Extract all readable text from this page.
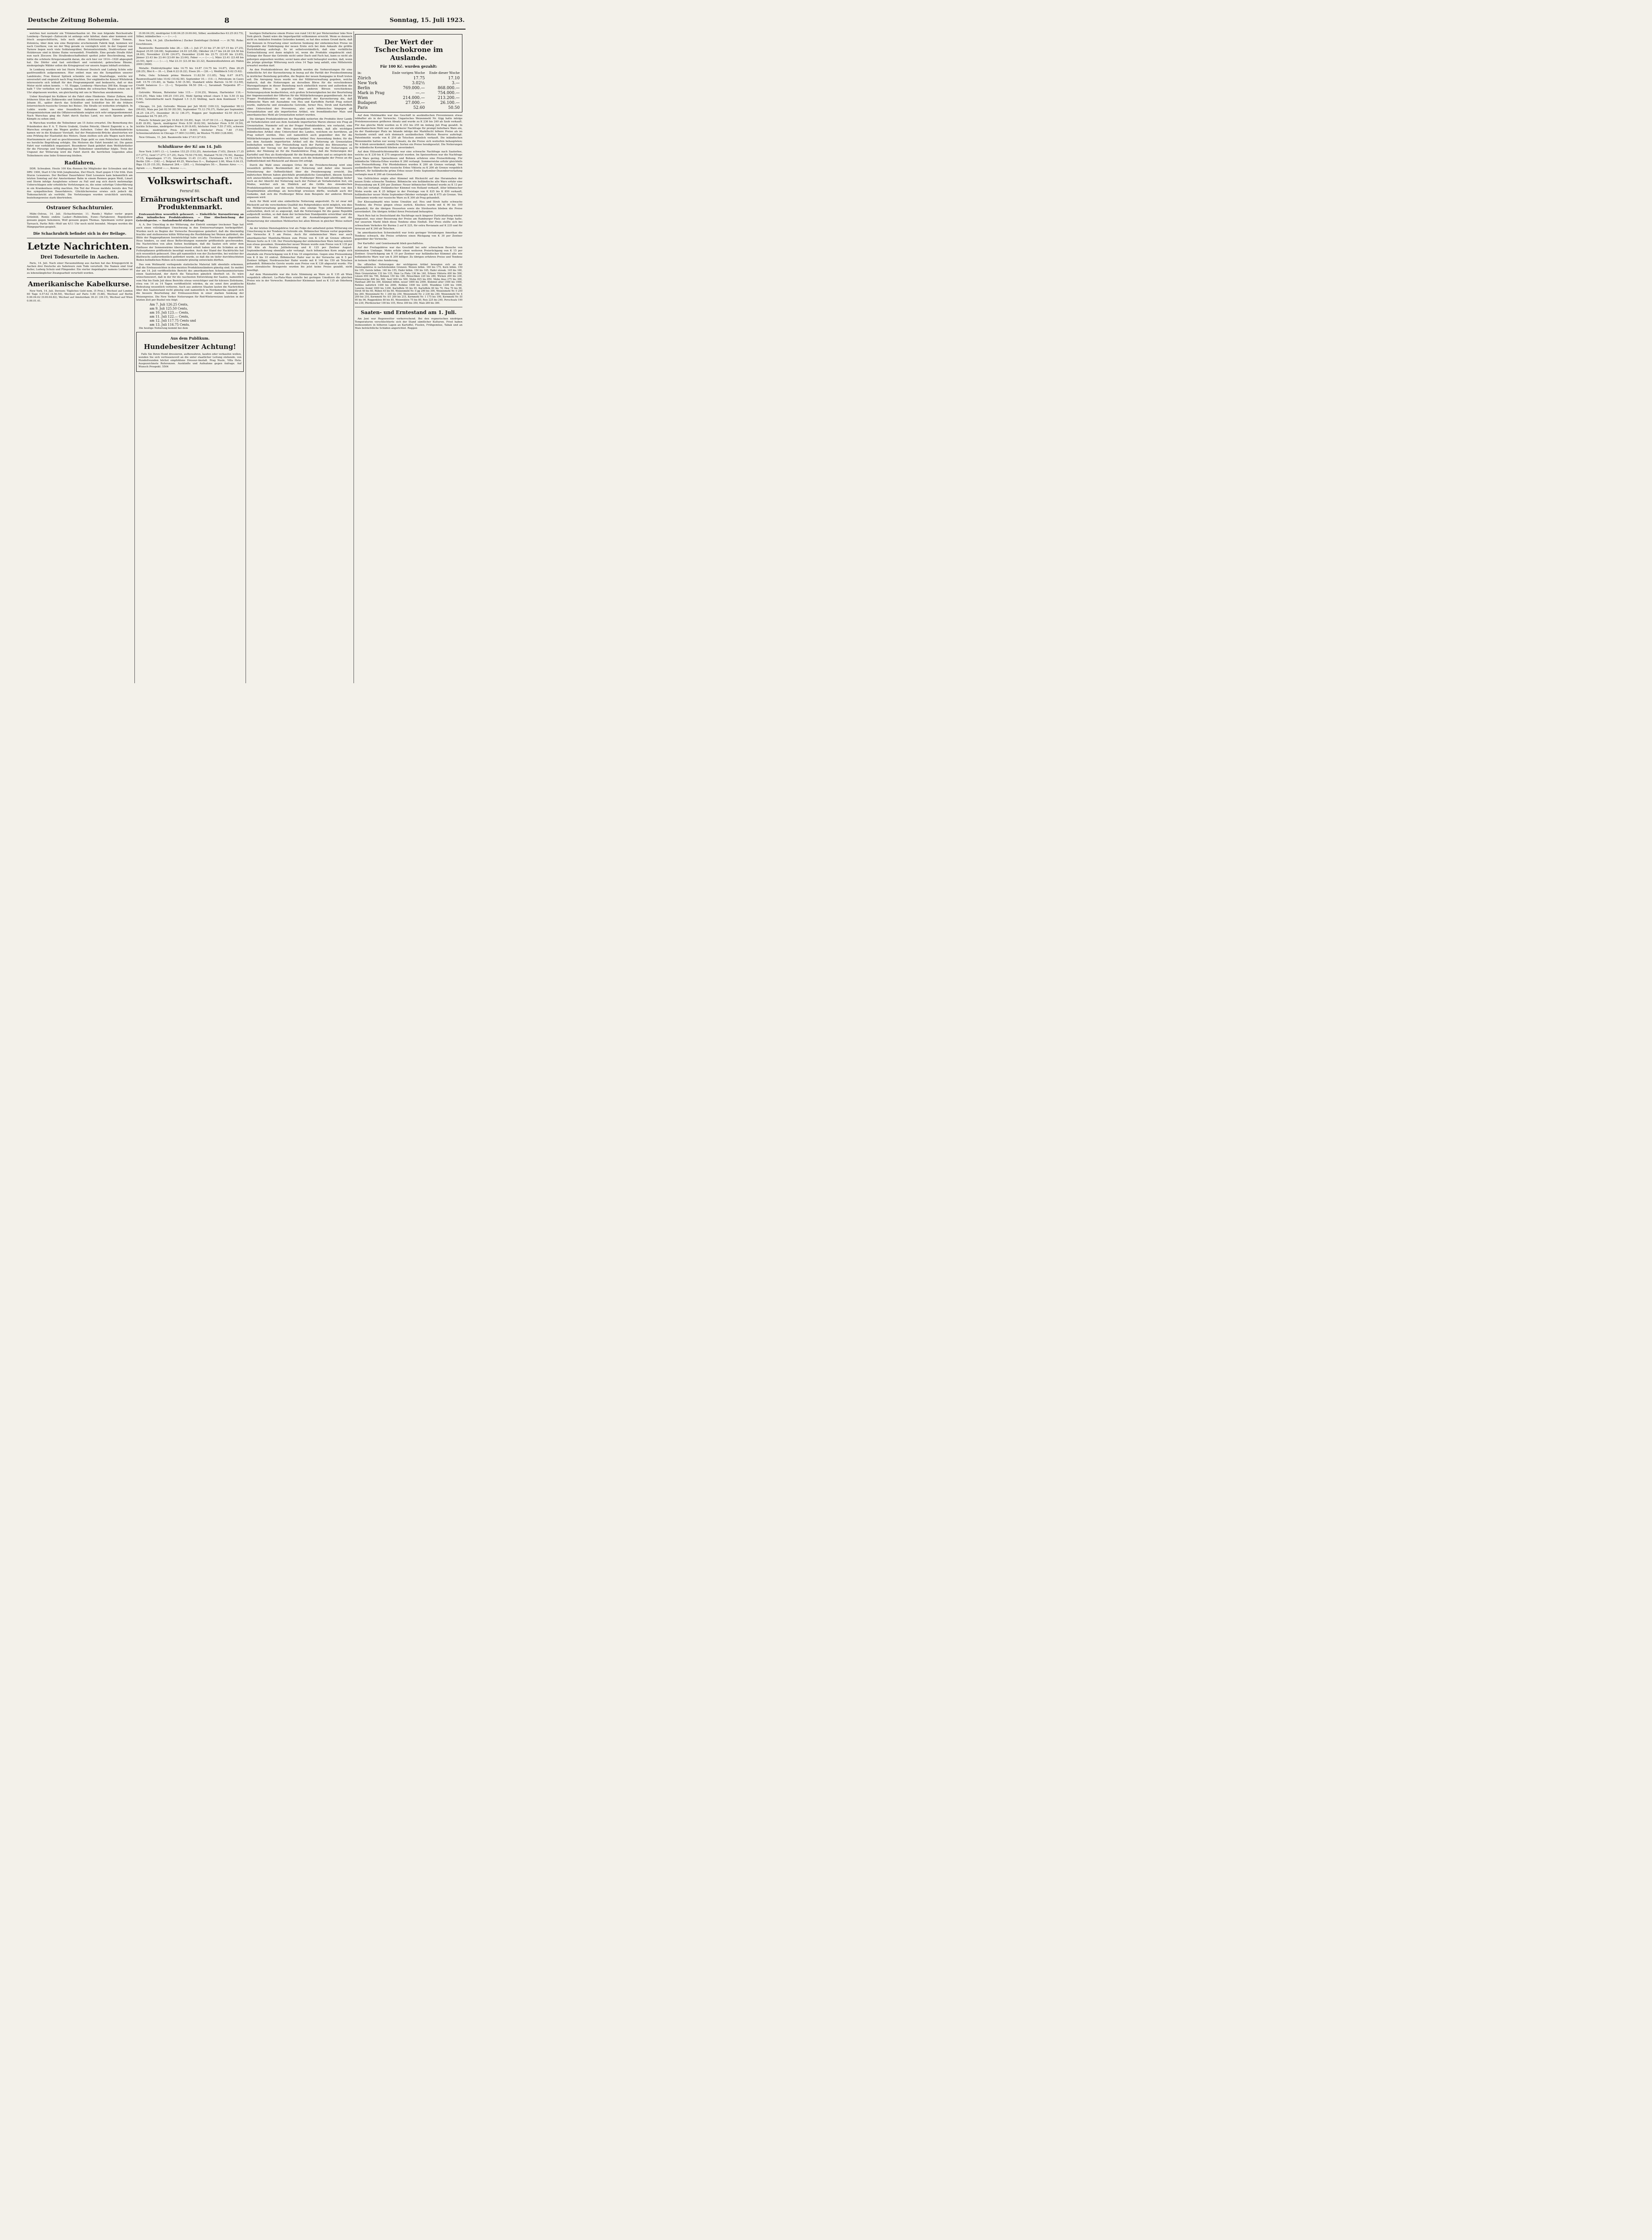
Deutsche Zeitung Bohemia.	8	Sonntag, 15. Juli 1923.

welches fast nurmehr ein Trümmerhaufen ist. Die nun folgende Reichsstraße Lemberg—Tarnopol—Zaliszczik ist anfangs sehr fahrbar, dann aber kommen erst frisch ausgeschütterte, teils noch offene Schützengräben. Ueber Tomnie, Zolonicia, über dem wie eine Burgruine erscheinende Fabrik liegt, kommen wir nach Czortkow, von wo der Weg gerade zu vorzüglich wird. In der Gegend von Tarnow liegen noch viele Soldatengräber, Betonunterstände, Drahtverhaue und Holzkreuze sind in kleine Haine verwandelt. Friedhöfe. Eine gerade Straße führt nun nach Zloczow. Die Straßenbeschaffenheit spottet jeder Beschreibung, man hätte die schönste Kriegsromantik daran, die sich hier vor 1914—1920 abgespielt hat. Die Dörfer sind fast entvölkert und vermüstet; gebrochene Bäume, niedergelegte Wälder sollen die Kriegsgreuel vor unsern Augen lebhaft erstehen.

In Lemberg wurden wir bei Herrn Professor Deutsch und Ludwig Schön sehr gastfreundlich aufgenommen. Hier entbot man uns die Sympathien unserer Landsleute; Frau Konsul Spitzek schenkte uns eine Staatsflagge, welche wir unversehrt und siegreich nach Prag brachten. Der engländische Konsul Whitebrok interessierte sich lebhaft für den Programmpunkt und bedauerte, daß er den Motor nicht sehen konnte. — VI. Etappe, Lemberg—Warschau 398 Km. Knapp vor halb 7 Uhr verließen wir Lemberg, nachdem die schwachen Wagen schon um 6 Uhr abgelassen wurden, um gleichzeitig mit uns in Warschau anzukommen.

Ueber Kosztopol bis Kulikow ist die Fahrt ohne Hindernis. Hinter Zolkow, dem früheren Sitze der Zolkiewskis und Sobieskis sahen wir die Ruinen des Denkmals Johann III., später durch das Schloßtor und Schloßtor bis 80 die frühere österreichisch-russische Grenze bei Belzec. Die Straße ist weiterhin erträglich. In Lublin wurde uns eine freundliche Aufnahme zuteil; besonders das Kriegsministerium und die Offiziersverbände zeigten sich sehr entgegenkommend. Nach Warschau ging die Fahrt durch flaches Land, wo noch Spuren großer Kämpfe zu sehen sind.

In Warschau wurden die Teilnehmer am 15 Autos erwartet. Die Bemerkung des Präsidenten des P. A. T. Herrn Grabski, Grafen Potocki, Oberst Zagorski u. a. In Warschau erregten die Wagen großes Aufsehen. Ueber die Kierbedziabrücke kamen wir in die Krakauer Vorstadt. Auf der Poniatowski-Brücke absolvierten wir eine Prüfung der Elastizität des Motors. Dann stellten sich alle Wagen nach ihren Startnummern auf und es geschlossenen Zuge geht es zum Polnischen Autoklub, wo herzliche Begrüßung erfolgte. Die Motoren die Fahrt beendet ist. Die ganze Fahrt war vorbildlich organisiert. Besonderer Dank gebührt dem Wettfahrtleiter für die Fürsorge und Verpflegung der Teilnehmer unmittelbar folgte. Trotz der Ungunst der Witterung wird die Fahrt durch die herrlichen Gegenden allen Teilnehmern eine liebe Erinnerung bleiben.

Radfahren.

DDR. Schwaben. Heute 100 Km.-Rennen für Mitglieder der Schwaben und des DRV. 1900, Start 6 Uhr früh Jungbunzlau, Ziel Ebsch. Start gegen 6 Uhr früh. Zum Sturze Lewanows. Der Berliner Dauerfahrer Emil Lewanow kam bekanntlich am letzten Sonntag auf der Amsterdamer Bahn in einem Rennen gegen Weiß, Linart und Storm infolge Ausgleitens schwer zu Fall und zog sich durch mehrmalige Ueberschlagen sehr erhebliche Verletzungen zu, die seine sofortige Ueberführung in ein Krankenhaus nötig machten. Ein Teil der Presse meldete bereits den Tod des sympathischen Dauerfahrers. Glücklicherweise erwies sich jedoch die Todesnachricht als verfrüht. Die Verletzungen wurden ursächlich unrichtig, beziehungsweise stark übertrieben.

Ostrauer Schachturnier.

Mähr.-Ostrau, 14. Juli. (Schachturnier, 11. Runde.) Walter verlor gegen Grünfeld, Remis endete Lasker—Rubinstein, Euwe—Tartakower, Bogoljubow gewann gegen Selezniew, Wolf gewann gegen Thomas. Spielmann verlor gegen Tarrasch, Partie Réti—Wolf um 4/11 Uhr noch nicht beendet. Morgen werden die Hängepartien gespielt.

Die Schachrubrik befindet sich in der Beilage.
Letzte Nachrichten.
Drei Todesurteile in Aachen.

Paris, 14. Juli. Nach einer Havasmeldung aus Aachen hat das Kriegsgericht in Aachen drei Deutsche als Saboteure zum Tode verurteilt. Die Namen sind Graf Keller, Ludwig Schulz und Plingender. Ein vierter Angeklagter namens Lorbeer ist zu lebenslänglicher Zwangsarbeit verurteilt worden.

Amerikanische Kabelkurse.

New York, 14. Juli. Devisen: Tägliches Geld nom. (5 Proz.), Wechsel auf London 60 Tage 4.57.62 (4.56.50), Wechsel auf Paris 5.80 (5.88), Wechsel auf Berlin 0.00.04.62 (0.00.04.82), Wechsel auf Amsterdam 39.21 (39.15), Wechsel auf Wien 0.00.01.41.

(0.00.04.25), niedrigster 0.00.04.25 (0.00.04), Silber, ausländisches 63.25 (63.75), Silber, inländisches —.— (—.—).

New York, 14. Juli. (Zuckerbörse.) Zucker Zentrifugal (Schluß —.— (6.78). Rohe: Geschlossen.

Baumwolle: Baumwolle loko 28.— (28.—). Juli 27.33 bis 27.36 (27.15 bis 27.25), August 25.95 (26.08), September 24.93 (25.08), Oktober 24.17 bis 24.20 (24.50 bis 24.60), November 23.96 (24.07), Dezember 23.66 bis 23.71 (23.65 bis 23.85), Jänner 23.43 bis 23.44 (23.60 bis 23.64), Feber —.— (—.—), März 23.41 (23.48 bis 23.50), April —.— (—.—), Mai 23.31 (23.30 bis 23.32), Baumwollzufuhren atl. Häfen 2000 (3000).

Metalle: Elektrolytkupfer loko 14.75 bis 14.87 (14.75 bis 14.87), Zinn 28.25 (28.25), Blei 6.— (6.—), Zink 6.22 (6.22), Eisen 26.— (26.—), Weißblech 5.62 (5.62).

Fette, Oele: Schmalz prima Western 11.82.50 (11.85), Talg 6.67 (6.87), Baumwollsaatöl loko 10.62 (10.62.50). September 10.— (10.—), Petroleum: in Cases reff. 15.70 (15.40), in Tanks 5.50 (5.50), Standard white Barrels 12.50 (12.50), Credit balances 3.— (3.—), Terpentin 94.50 (94.—), Savannah Terpentin 87.— (66.50).

Getreide: Weizen, Rotwinter loko 115.— (116.25), Weizen, Hartwinter 116.— (116.25), Mais loko 100.25 (101.25), Mehl Spring wheat clears 5 bis 5.50 (5 bis 5.50), Getreidefracht nach England 1.5 (1.5) Shilling, nach dem Kontinent 7 (7) Cents.

Chicago, 14. Juli. Getreide: Weizen per Juli 98.62 (100.12), September 98.12 (99.62), Mais per Juli 82.50 (83.50), September 75.12 (76.37), Hafer per September 34.25 (34.37), Dezember 36.12 (36.37), Roggen per September 62.50 (63.37), Dezember 64.75 (65.37).

Fleisch: Schmalz per Juli 10.82.50 (10.85), Sept. 10.47.50 (11.—), Rippen per Juli 8.85 (8.95), Speck, niedrigster Preis 8.50 (8.62.50), höchster Preis 9.50 (9.50), leichte Schweine, niedrigster Preis 6.30 (6.65), höchster Preis 7.55 (7.65), schwere Schweine, niedrigster Preis 6.40 (6.60), höchster Preis 7.40 (7.55), Schweinezufuhren in Chicago 17.000 (12.000), im Westen 70.000 (128.000).

New Orleans, 11. Juli. Baumwolle loko 27.63 (27.63).

Schlußkurse der Kč am 14. Juli:

New York 3.00½ (3.—), London 153.25 (153.25), Amsterdam (7.65), Zürich 17.35 (17.27½), Genf 17.27½ (17.25), Paris 70.50 (70.50), Mailand 70.50 (70.50), Banque 17.15, Kopenhagen 17.15, Stockholm 11.45 (11.45), Christiania 18.75 (18.75), Berlin 336.— (342.—), Belgrad 49.25, Warschau 0.—, Budapest 2.60, Wien 0.04.15, Riga 15.35 (15.35), Bukarest 264.— (261.—), Helsingfors 50.—, Buenos Aires —.—, Agram —.—, Madrid —.—, Kowno —.—.

Volkswirtschaft.
Fernruf 80.
Ernährungswirtschaft und Produktenmarkt.

Ernteaussichten wesentlich gebessert. — Einheitliche Kursnotierung an allen inländischen Produktenbörsen. — Eine Abschwächung der Getreidepreise. — Auslandsmehl stärker gefragt.

A. A. Der Umschlag in der Witterung, der Eintritt sonniger trockener Tage hat auch einen vollständigen Umschwung in den Ernteerwartungen herbeigeführt. Wurden noch zu Beginn der Vorwoche Besorgnisse geäußert, daß die übermäßig feuchte und stellenweise kühle Witterung die Rostbildung bei Weizen gefördert, die Blüte der Roggenpflanzen beeinträchtigt habe und das Trocknen des abgemähten Heus hindere, so sind diese Befürchtungen nunmehr größtenteils geschwunden. Die Nachrichten von allen Seiten bestätigen, daß die Saaten sich unter dem Einflusse der Sonnenwärme überraschend erholt haben und die Schäden an den Futterpflanzen größtenteils beseitigt wurden. Auch der Stand der Hackfrüchte hat sich wesentlich gebessert. Dies gilt namentlich von der Zuckerrübe, bei welcher der Blattwuchs außerordentlich gefördert wurde, so daß die im tiefer durchfeuchteten Boden befindlichen Rüben sich nunmehr günstig entwickeln dürften.

Das vom Weltmarkt vorliegende statistische Material läßt ebenfalls erkennen, daß die Ernteaussichten in den meisten Produktionsländern günstig sind. So meldet der am 14. Juli veröffentlichte Bericht des amerikanischen Ackerbauministeriums einen Saatenstand, der durch die Tatsachen gänzlich überholt ist. Es wäre wünschenswert, daß in der für die raschesten Entwicklung der Saaten, namentlich vom Mai bis Ende Juli diese Berichte etwas vorsichtiger und für kürzere Zeiträume, etwa von 14 zu 14 Tagen veröffentlicht würden, da sie sonst ihre praktische Bedeutung wesentlich verlieren. Auch aus anderen Staaten lauten die Nachrichten über den Saatenstand recht günstig und namentlich in Nordamerika spiegelt sich die bessere Beurteilung der Ernteaussichten in einer starken Senkung der Weizenpreise. Die New Yorker Notierungen für Red-Winterweizen lauteten in der letzten Zeit per Bushel wie folgt:

Am 7. Juli 126.25 Cents,
am 9. Juli 125.50 Cents,
am 10. Juli 123.— Cents,
am 11. Juli 122.— Cents,
am 12. Juli 117.75 Cents und
am 13. Juli 116.75 Cents.

Die heutige Notierung kommt bei dem

Aus dem Publikum.
Hundebesitzer Achtung!

Falls Sie Ihren Hund dressieren, aufbewahren, kaufen oder verkaufen wollen, wenden Sie sich vertrauensvoll an die unter staatlicher Leitung stehende, von Hundefreunden höchst empfohlene Dressur-Anstalt. Prag Nusle, Villa Hela. Ausgezeichnete Referenzen. Auskünfte und Aufnahme gegen Anfrage. Auf Wunsch Prospekt. 5504

heutigen Dollarkurse einem Preise von rund 143 Kč per Meterzentner loko New York gleich. Damit wäre die Importparität vollkommen erreicht. Wenn es dennoch nicht zu Ankäufen fremden Getreides kommt, so hat dies seinen Grund darin, daß der Konsum in Erwartung einer weiteren Senkung der einheimischen Preise im Zeitpunkte der Einbringung der neuen Ernte sich bei dem Ankaufe die größte Zurückhaltung auferlegt. Es ist selbstverständlich, daß eine verläßliche Ernteschätzung erst dann möglich ist, wenn die Produkte eingebracht sind. Solange der Bauer das Getreide nicht unter Dach und Fach hat, kann es nicht als geborgen angesehen werden; soviel kann aber wohl behauptet werden, daß, wenn die jetzige günstige Witterung noch etwa 14 Tage lang anhält, eine Mittelernte erwartet werden darf.

An den Produktenbörsen der Republik werden die Vorbereitungen für eine einheitliche Art der Kursnotierung in bezug auf die Parität der Preisbestimmung in ärztlicher Beziehung getroffen, die Beginn der neuen Kampagne in Kraft treten soll. Die Anregung hiezu wurde von der Militärverwaltung gegeben, welche dadurch, daß die Notierungen an derselben Börse für die verschiedenen Warengattungen in dieser Beziehung noch einheitlich waren und außerdem die einzelnen Börsen in gegenüber den anderen Börsen verschiedenes Notierungssystem beobachteten, sich großen Schwierigkeiten bei der Beurteilung der Angemessenheit der Offerten für die Militärlieferungen gegenübersah. An der Prager Produktenbörse war die Gepflogenheit der Kursnotierung die, daß böhmische Ware mit Ausnahme von Heu und Kartoffeln Parität Prag notiert wurde, mährische und slowakische Getreide, ferner Heu, Stroh und Kartoffeln ohne Unterschied der Provenienz, also auch böhmisches hingegen ab Versandstation und alle importierten Artikel, wie fremdländischer Mais und amerikanisches Mehl ab Grenzstation notiert wurden.

Die übrigen Produktenbörsen der Republik notierten die Produkte ihrer Lande ab Verladestation und aus dem Auslande importierten Waren ebenso wie Prag ab Grenzstation. Nunmehr soll an der Prager Produktenbörse, wie verlautet, eine Vereinheitlichung in der Weise durchgeführt werden, daß alle wichtigen inländischen Artikel ohne Unterschied des Landes, welchem sie herrühren, ab Prag notiert werden. Dies soll namentlich auch gegenüber den für die Militärlieferungen besonders wichtigen Artikel Heu Anwendung finden; für die aus dem Auslande importierten Artikel soll die Notierung ab Grenzstation beibehalten werden. Der Preisstellung nach der Parität des Börsenortes ist jedenfalls der Vorzug vor der bisherigen Zersplitterung der Notierungen zu geben; der Meinung ist für die Handelsbörse Prag, daß die Notierungen der Kartoffel und Heu als Kontrollpunkt für die Bodenprodukte und es entspricht den natürlichen Verkehrsverhältnissen, wenn auch die bekanntgabe der Preise an die Oeffentlichkeit mit Rücksicht auf diesen Ort erfolgt.

Durch die Wahl eines einzigen Ortes für die Preisberechnung wird eine wesentlich größere Bestimmtheit der Notierung und daher eine bessere Orientierung der Oeffentlichkeit über die Preisbewegung erreicht. Die mährischen Börsen haben gleichfalls grundsätzliche Geneigtheit, diesem System sich anzuschließen, ausgesprochen; die Preßburger Börse hält allerdings bisher noch an der Absicht der Notierung nach der Formel ab Verladestation fest, ein Modus, welcher sich im Hinblick auf die Größe des slowakischen Produktionsgebietes und die weite Entfernung der Verladestationen von den Hauptmärkten allerdings als berechtigt erweisen dürfte, weshalb auch der Gedanke, daß sich die Preßburger Börse dem Beispiele der anderen Börsen anpassen wird.

Auch für Mehl wird eine einheitliche Notierung angestrebt. Es ist zwar mit Rücksicht auf die verschiedene Qualität des Rohproduktes nicht möglich, wie dies die Militärverwaltung gewünscht hat, eine einzige Type jeder Mehlnummer aufzustellen, doch ist es angezeigt, daß die Notierungen für die ganze Republik aufgestellt werden, so daß dann der technischen Standpunkte erreichbar und die gesamten Börsen mit Rücksicht auf die Ausmahlungsprozente und die Numerierung der einzelnen Mehlsorten bei allen Börsen in gleicher Weise notiert wird.

An der letzten Dienstagsbörse trat als Folge der anhaltend guten Witterung ein Umschwung in der Tendenz in Getreide ein. Böhmischer Weizen verlor gegenüber der Vorwoche K 5 am Preise. Auch für einheimischer Ware war auch amerikanischer Manitoba-Weizen zum Preise von K 138 ab Grenze offeriert. Weizen Sorte zu K 136. Der Preisrückgang der einheimischen Ware betrug zuletzt nun etwas gesunken. Slowakischer neuer Weizen wurde zum Preise von K 135 per 100 Kilo ab Neutra Juliliefereung und K 125 per Zentner August-Septemberlieferung ebenfalls sehr verlangt. Auch böhmischen Korn zeigte sich ebenfalls ein Preisrückgang von K 8 bis 10 eingetreten. Gegen eine Preissenkung von K 8 bis 10 eintrat. Böhmischer Hafer war in der Vorwoche um K 5 per Zentner billiger, Nordrussischer Hafer wurde mit K 146 bis 150 ab Tetschen gehandelt. Böhmische Gerste wurde zum Preise von K 126 abgesetzt wurde. Für neue slowakische Braugerste wurden bis jetzt keine Preise gezahlt, nicht bewilligt.

Auf dem Maismarkte war die feste Stimmung an Ware zu K 135 ab Wien vergeblich offeriert. La-Plata-Mais erzielte bei geringen Umsätzen die gleichen Preise wie in der Vorwoche. Rumänischer Kleinmais fand zu K 135 ab Oderberg Käufer.

Der Wert der Tschechokrone im Auslande.
Für 100 Kč. wurden gezahlt:
in:	Ende vorigen Woche	Ende dieser Woche
Zürich	17.75	17.10
New York	3.02½	3.—
Berlin	769.000.—	868.000.—
Mark in Prag	—.—	754.000.—
Wien	214.000.—	213.200.—
Budapest	27.000.—	26.100.—
Paris	52.60	50.50

Auf dem Mehlmarkte war das Geschäft in ausländischen Provenienzen etwas lebhafter als in der Vorwoche. Ungarisches Weizenmehl Nr. 0/gg hatte infolge Preiskonzessionen größeren Absatz und wurde zu K 236 bis 240 ab Szob verkauft. Für das gleiche Mehl wurden zu K 253 bis 255 im Anfang Juli Prag gezahlt. In amerikanischem Mehl war ein stärkerer Nachfrage für prompt lieferbare Ware ein, da der Hamburger Platz im Inlande infolge der Markflucht höhere Preise als im Auslande erzielt und sich demnach ausländischen Offerten Reserve auferlegt. Patentmehle wurde von K 250 ab Tetschen ziemlich verkauft. Die inländischen Weizenmehle hatten nur wenig Umsatz, da die Preise sich weiterhin behaupteten; Nr. 4 blieb unverändert; sämtliche Sorten ein Preise herabgesetzt. Die Notierungen für inländische Kornmehl blieben unverändert.

Auf dem Hülsenfrüchtenmarkte war eine schwache Nachfrage nach Saaterbse, welche zu K 230 bis K 275 umgesetzt wurden. Im Speiseerbsen war die Nachfrage nach Ware gering. Speiselinsen und Bohnen erfuhren eine Preiserhöhung. Für inländische Viktoria-Erbse wurden K 260 verlangt. Sommerwicke erfuhr gleichfalls eine Preiserhöhung. Für Pferdebohnen wurden K 200 ab Grenze verlangt. Von ausländischer Ware wurde russische Erbse Viktoria zu K 200 ab Grenze vergeblich offeriert, für holländische grüne Erbse neuer Ernte September-Dezemberverladung verlangte man K 260 ab Grenzstation.

Von Oelfrüchten zeigte alter Kümmel mit Rücksicht auf das Herannahen der neuen Ernte schwache Tendenz. Böhmische wie holländische alte Ware erfuhr eine Preissenkung um K 200 per Zentner. Neuer böhmischer Kümmel wurde zu K 13 per 1 Kilo Juli verlangt. Holländischer Kümmel von Holland verkauft. Alter böhmischer Mohn wurde um K 25 billiger in der Preislage von K 835 bis K 850 verkauft, holländischer neuer Mohn September-Oktober verlangte um K 675 ab Grenze. Von Senfsamen wurde nur russische Ware zu K 300 ab Prag gehandelt.

Der Kleesaatmarkt wies keine Umsätze auf. Heu und Stroh hatte schwache Tendenz; die Preise gingen etwas zurück. Kleeheu wurde mit K 90 bis 100 gehandelt; für die übrigen Heusorten sowie die Strohsorten blieben die Preise unverändert. Die übrigen Artikel ihren Preisstand behaupten.

Nach Reis hat in Deutschland die Nachfrage nach längerer Zurückhaltung wieder eingesetzt, was einer Besserung der Preise am Hamburger Platz zur Folge hatte. Auf unserem Markt blieb diese Tendenz ohne Einfluß. Der Preis stellte sich bei schwachem Verkehre für Burma 2 auf K 225, für extra Rovianain auf K 235 und für Arracan auf K 240 ab Tetschen.

Im amerikanischen Schweinefett war trotz geringer Verladungen Amerikas die Tendenz schwach, die Preise erfuhren einen Rückgang von K 30 per Zentner gegenüber der Vorwoche.

Der Kartoffel- und Gemüsemarkt blieb geschäftslos.

Auf der Freitagsbörse war das Geschäft bei sehr schwachem Besuche von minimalem Umfange. Mohn erfuhr einen weiteren Preisrückgang von K 15 per Zentner. Grasrückgang um K 10 per Zentner war holländischer Kümmel alte wie holländische Ware war um K 200 billiger. Zu übrigen erfuhren Preise und Tendenz in keinem Artikel eine Aenderung.

Die offiziellen Notierungen der wichtigeren Artikel bewegten sich an der Dienstagsbörse in nachstehenden Grenzen: Weizen böhm. 160 bis 175, Korn böhm. 150 bis 155, Gerste böhm. 140 bis 155, Hafer böhm. 150 bis 165, Hafer slowak. 145 bis 160, Mais Grenzstation 132 bis 135, Mais La Plata 136 bis 140, Erbsen Viktoria 400 bis 500, Linsen 650 bis 700, Bohnen 150 bis 180, Peluschken 220 bis 280, Wicken 200 bis 230, Winterwicke 800 bis 900, Senf 400 bis 500, Mohn 825 bis 850, Mohn blau 275 bis 300, Hanfsaat 280 bis 300, Kümmel böhm. neuer 1800 bis 2000, Kümmel alter 1500 bis 1600, Rotklee natürlich 1400 bis 2000, Rotklee 1600 bis 2200, Wundklee 1200 bis 1600, Luzerne fremd 1000 bis 1200, Kartoffeln 55 bis 65, Kartoffeln 60 bis 70, Heu 70 bis 90, Stroh 40 bis 60, Rüben 45 bis 60, Weizenmehl Nr. 0 gg 290 bis 300, Weizenmehl Nr. 0 250 bis 260, Weizenmehl Nr. 1 240 bis 250, Weizenmehl Nr. 2 230 bis 240, Weizenmehl Nr. 4 200 bis 210, Kornmehl Nr. 0/1 200 bis 215, Kornmehl Nr. 1 175 bis 190, Kornmehl Nr. III 90 bis 96, Roggenkleie 80 bis 85, Weizenkleie 75 bis 80, Reis 225 bis 240, Peruchsatz 190 bis 230, Pferdezucker 100 bis 105, Hirse 300 bis 350, Malz 280 bis 300.

Saaten- und Erntestand am 1. Juli.

Am Juni war Regenwetter vorherrschend. Bei den regnerischen niedrigen Temperaturen verschlechterte sich der Stand sämtlicher Kulturen. Frost haben insbesondere in höheren Lagen an Kartoffel, Fisolen, Frühgemüse, Tabak und an Mais beträchtliche Schäden angerichtet. Roggen
